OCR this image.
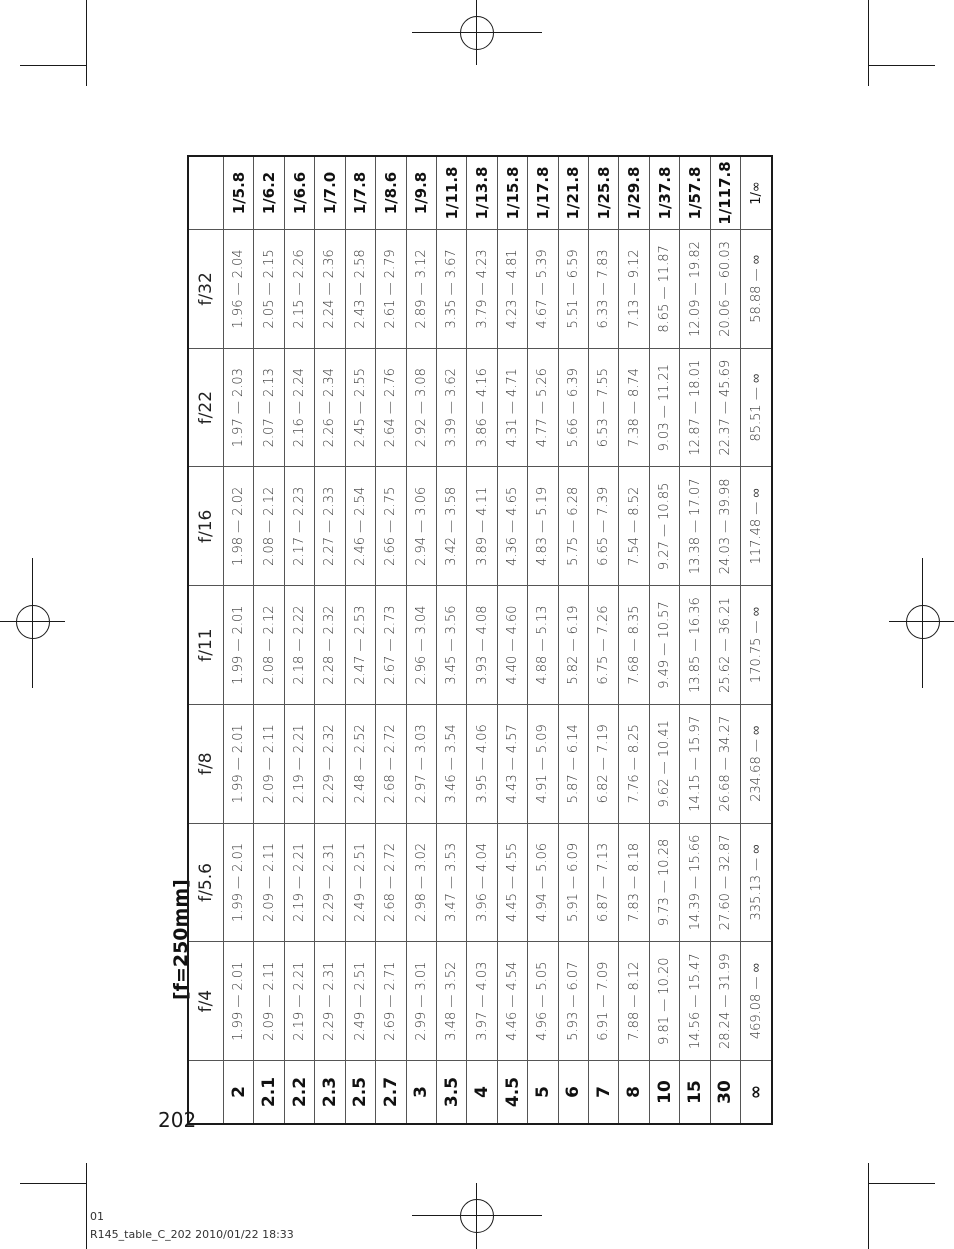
[f=250mm]
	f/4	f/5.6	f/8	f/11	f/16	f/22	f/32	
2	1.99 — 2.01	1.99 — 2.01	1.99 — 2.01	1.99 — 2.01	1.98 — 2.02	1.97 — 2.03	1.96 — 2.04	1/5.8
2.1	2.09 — 2.11	2.09 — 2.11	2.09 — 2.11	2.08 — 2.12	2.08 — 2.12	2.07 — 2.13	2.05 — 2.15	1/6.2
2.2	2.19 — 2.21	2.19 — 2.21	2.19 — 2.21	2.18 — 2.22	2.17 — 2.23	2.16 — 2.24	2.15 — 2.26	1/6.6
2.3	2.29 — 2.31	2.29 — 2.31	2.29 — 2.32	2.28 — 2.32	2.27 — 2.33	2.26 — 2.34	2.24 — 2.36	1/7.0
2.5	2.49 — 2.51	2.49 — 2.51	2.48 — 2.52	2.47 — 2.53	2.46 — 2.54	2.45 — 2.55	2.43 — 2.58	1/7.8
2.7	2.69 — 2.71	2.68 — 2.72	2.68 — 2.72	2.67 — 2.73	2.66 — 2.75	2.64 — 2.76	2.61 — 2.79	1/8.6
3	2.99 — 3.01	2.98 — 3.02	2.97 — 3.03	2.96 — 3.04	2.94 — 3.06	2.92 — 3.08	2.89 — 3.12	1/9.8
3.5	3.48 — 3.52	3.47 — 3.53	3.46 — 3.54	3.45 — 3.56	3.42 — 3.58	3.39 — 3.62	3.35 — 3.67	1/11.8
4	3.97 — 4.03	3.96 — 4.04	3.95 — 4.06	3.93 — 4.08	3.89 — 4.11	3.86 — 4.16	3.79 — 4.23	1/13.8
4.5	4.46 — 4.54	4.45 — 4.55	4.43 — 4.57	4.40 — 4.60	4.36 — 4.65	4.31 — 4.71	4.23 — 4.81	1/15.8
5	4.96 — 5.05	4.94 — 5.06	4.91 — 5.09	4.88 — 5.13	4.83 — 5.19	4.77 — 5.26	4.67 — 5.39	1/17.8
6	5.93 — 6.07	5.91 — 6.09	5.87 — 6.14	5.82 — 6.19	5.75 — 6.28	5.66 — 6.39	5.51 — 6.59	1/21.8
7	6.91 — 7.09	6.87 — 7.13	6.82 — 7.19	6.75 — 7.26	6.65 — 7.39	6.53 — 7.55	6.33 — 7.83	1/25.8
8	7.88 — 8.12	7.83 — 8.18	7.76 — 8.25	7.68 — 8.35	7.54 — 8.52	7.38 — 8.74	7.13 — 9.12	1/29.8
10	9.81 — 10.20	9.73 — 10.28	9.62 — 10.41	9.49 — 10.57	9.27 — 10.85	9.03 — 11.21	8.65 — 11.87	1/37.8
15	14.56 — 15.47	14.39 — 15.66	14.15 — 15.97	13.85 — 16.36	13.38 — 17.07	12.87 — 18.01	12.09 — 19.82	1/57.8
30	28.24 — 31.99	27.60 — 32.87	26.68 — 34.27	25.62 — 36.21	24.03 — 39.98	22.37 — 45.69	20.06 — 60.03	1/117.8
∞	469.08 — ∞	335.13 — ∞	234.68 — ∞	170.75 — ∞	117.48 — ∞	85.51 — ∞	58.88 — ∞	1/∞
202
01
R145_table_C_202 2010/01/22 18:33
